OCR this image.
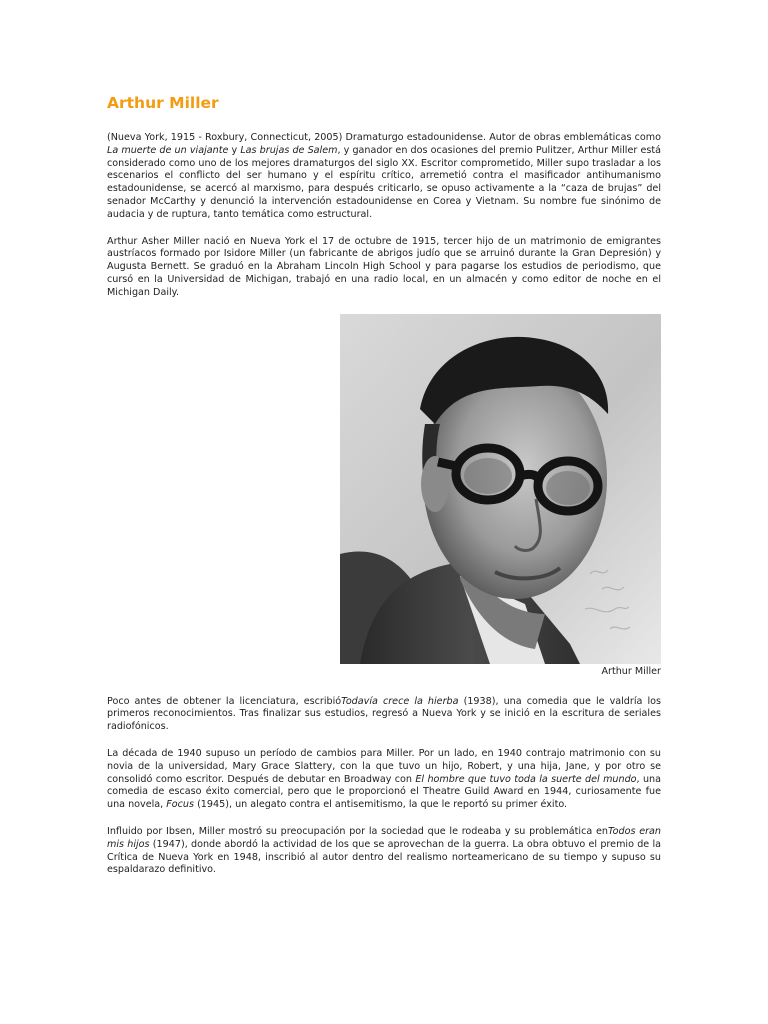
Arthur Miller

(Nueva York, 1915 - Roxbury, Connecticut, 2005) Dramaturgo estadounidense. Autor de obras emblemáticas como La muerte de un viajante y Las brujas de Salem, y ganador en dos ocasiones del premio Pulitzer, Arthur Miller está considerado como uno de los mejores dramaturgos del siglo XX. Escritor comprometido, Miller supo trasladar a los escenarios el conflicto del ser humano y el espíritu crítico, arremetió contra el masificador antihumanismo estadounidense, se acercó al marxismo, para después criticarlo, se opuso activamente a la “caza de brujas” del senador McCarthy y denunció la intervención estadounidense en Corea y Vietnam. Su nombre fue sinónimo de audacia y de ruptura, tanto temática como estructural.

Arthur Asher Miller nació en Nueva York el 17 de octubre de 1915, tercer hijo de un matrimonio de emigrantes austríacos formado por Isidore Miller (un fabricante de abrigos judío que se arruinó durante la Gran Depresión) y Augusta Bernett. Se graduó en la Abraham Lincoln High School y para pagarse los estudios de periodismo, que cursó en la Universidad de Michigan, trabajó en una radio local, en un almacén y como editor de noche en el Michigan Daily.

Arthur Miller

Poco antes de obtener la licenciatura, escribióTodavía crece la hierba (1938), una comedia que le valdría los primeros reconocimientos. Tras finalizar sus estudios, regresó a Nueva York y se inició en la escritura de seriales radiofónicos.

La década de 1940 supuso un período de cambios para Miller. Por un lado, en 1940 contrajo matrimonio con su novia de la universidad, Mary Grace Slattery, con la que tuvo un hijo, Robert, y una hija, Jane, y por otro se consolidó como escritor. Después de debutar en Broadway con El hombre que tuvo toda la suerte del mundo, una comedia de escaso éxito comercial, pero que le proporcionó el Theatre Guild Award en 1944, curiosamente fue una novela, Focus (1945), un alegato contra el antisemitismo, la que le reportó su primer éxito.

Influido por Ibsen, Miller mostró su preocupación por la sociedad que le rodeaba y su problemática enTodos eran mis hijos (1947), donde abordó la actividad de los que se aprovechan de la guerra. La obra obtuvo el premio de la Crítica de Nueva York en 1948, inscribió al autor dentro del realismo norteamericano de su tiempo y supuso su espaldarazo definitivo.
